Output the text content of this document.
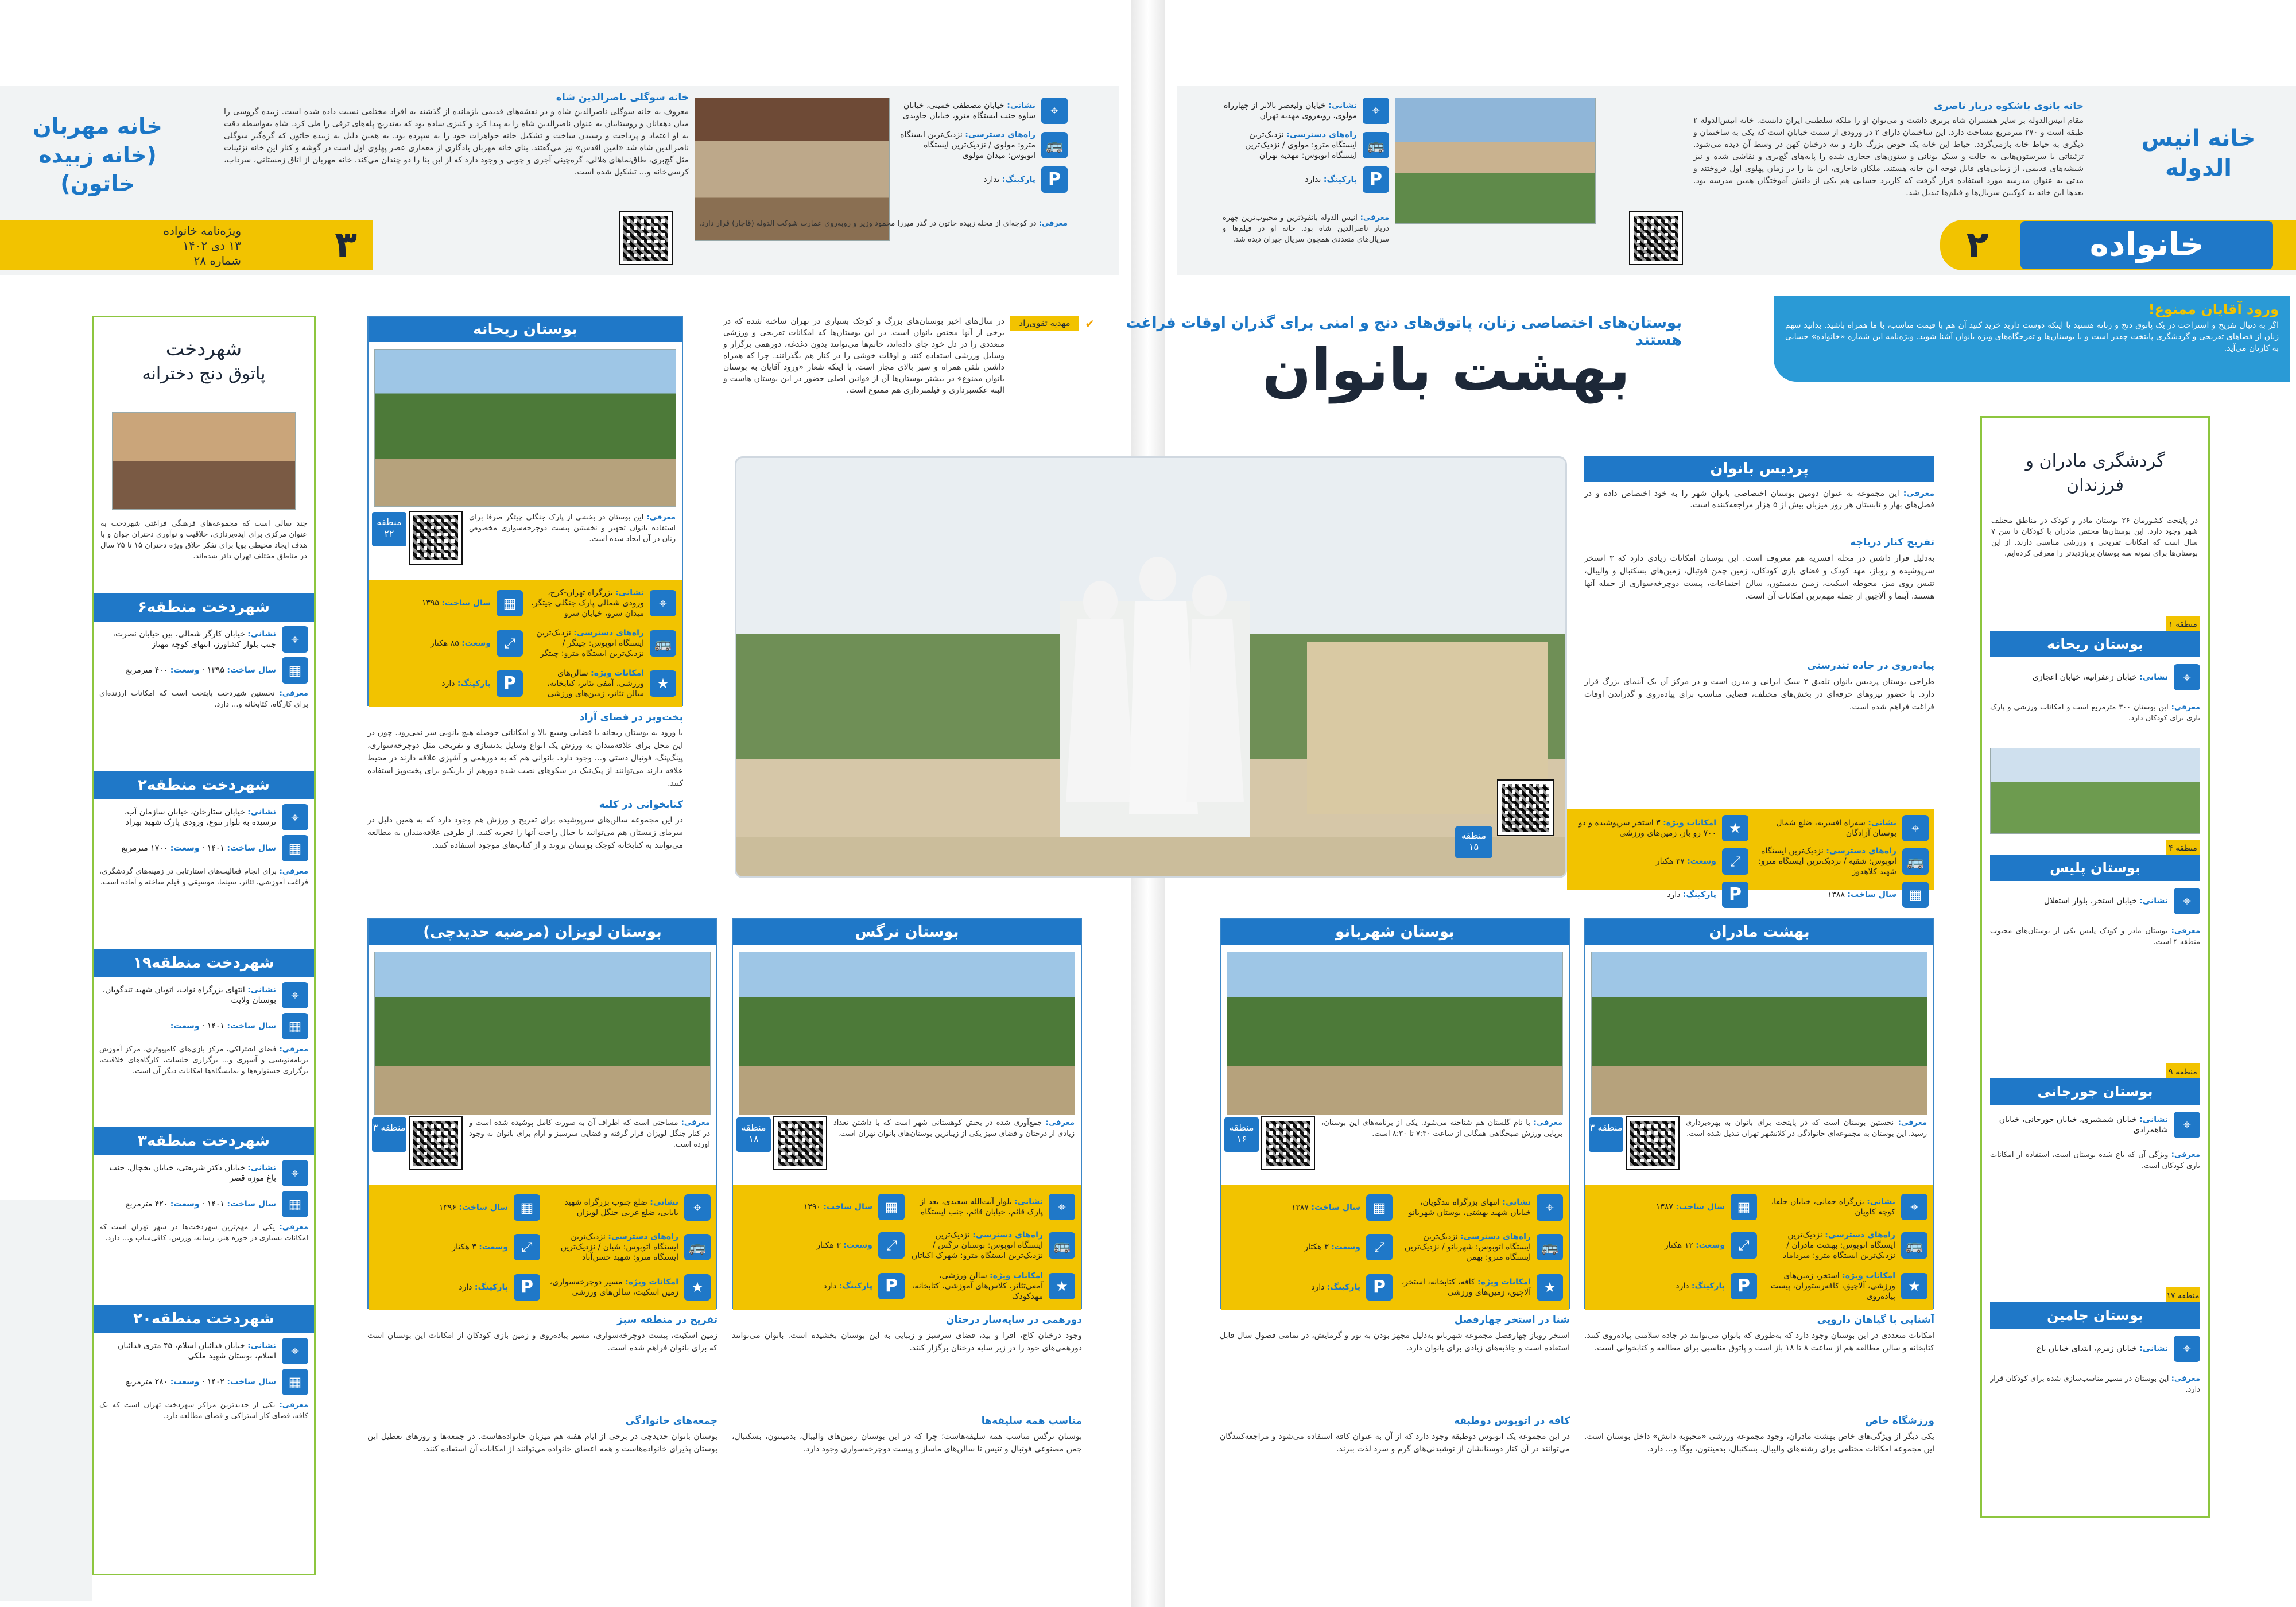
۳
ویژه‌نامه خانواده
۱۳ دی ۱۴۰۲
شماره ۲۸	۲	خانواده
خانه انیس الدوله
خانه بانوی باشکوه دربار ناصری
مقام انیس‌الدوله بر سایر همسران شاه برتری داشت و می‌توان او را ملکه سلطنتی ایران دانست. خانه انیس‌الدوله ۲ طبقه است و ۲۷۰ مترمربع مساحت دارد. این ساختمان دارای ۲ در ورودی از سمت خیابان است که یکی به ساختمان و دیگری به حیاط خانه بازمی‌گردد. حیاط این خانه یک حوض بزرگ دارد و تنه درختان کهن در وسط آن دیده می‌شود. تزئیناتی با سرستون‌هایی به حالت و سبک یونانی و ستون‌های حجاری شده را پایه‌های گچ‌بری و نقاشی شده و نیز شیشه‌های قدیمی، از زیبایی‌های قابل توجه این خانه هستند. ملکان قاجاری، این بنا را در زمان پهلوی اول فروختند و مدتی به عنوان مدرسه مورد استفاده قرار گرفت که کاربرد حسابی هم یکی از دانش آموختگان همین مدرسه بود. بعدها این خانه به کوکبین سریال‌ها و فیلم‌ها تبدیل شد.
⌖
نشانی: خیابان ولیعصر بالاتر از چهارراه مولوی، روبه‌روی مهدیه تهران
🚌
راه‌های دسترسی: نزدیک‌ترین ایستگاه مترو: مولوی / نزدیک‌ترین ایستگاه اتوبوس: مهدیه تهران
P
پارکینگ: ندارد
معرفی: انیس الدوله بانفوذترین و محبوب‌ترین چهره دربار ناصرالدین شاه بود. خانه او در فیلم‌ها و سریال‌های متعددی همچون سریال جیران دیده شد.
خانه مهربان (خانه زبیده خاتون)
خانه سوگلی ناصرالدین شاه
معروف به خانه سوگلی ناصرالدین شاه و در نقشه‌های قدیمی بازمانده از گذشته به افراد مختلفی نسبت داده شده است. زبیده گروسی را میان دهقانان و روستاییان به عنوان ناصرالدین شاه را به پیدا کرد و کنیزی ساده بود که به‌تدریج پله‌های ترقی را طی کرد. شاه به‌واسطه دقت به او اعتماد و پرداخت و رسیدن ساخت و تشکیل خانه جواهرات خود را به سپرده بود. به همین دلیل به زبیده خاتون که گره‌گیر سوگلی ناصرالدین شاه شد «امین اقدس» نیز می‌گفتند. بنای خانه مهربان یادگاری از معماری عصر پهلوی اول است در گوشه و کنار این خانه تزئینات مثل گچ‌بری، طاق‌نماهای هلالی، گره‌چینی آجری و چوبی و وجود دارد که از این بنا را دو چندان می‌کند. خانه مهربان از اتاق زمستانی، سرداب، کرسی‌خانه و... تشکیل شده است.
⌖
نشانی: خیابان مصطفی خمینی، خیابان ساوه جنب ایستگاه مترو، خیابان جاویدی
🚌
راه‌های دسترسی: نزدیک‌ترین ایستگاه مترو: مولوی / نزدیک‌ترین ایستگاه اتوبوس: میدان مولوی
P
پارکینگ: ندارد
معرفی: در کوچه‌ای از محله زبیده خاتون در گذر میرزا محمود وزیر و روبه‌روی عمارت شوکت الدوله (قاجار) قرار دارد.
ورود آقایان ممنوع!
اگر به دنبال تفریح و استراحت در یک پاتوق دنج و زنانه هستید یا اینکه دوست دارید خرید کنید آن هم با قیمت مناسب، با ما همراه باشید. بدانید سهم زنان از فضاهای تفریحی و گردشگری پایتخت چقدر است و با بوستان‌ها و تفرجگاه‌های ویژه بانوان آشنا شوید. ویژه‌نامه این شماره «خانواده» حسابی به کارتان می‌آید.
بوستان‌های اختصاصی زنان، پاتوق‌های دنج و امنی برای گذران اوقات فراغت هستند
بهشت بانوان
مهدیه تقوی‌راد	✔
در سال‌های اخیر بوستان‌های بزرگ و کوچک بسیاری در تهران ساخته شده که در برخی از آنها مختص بانوان است. در این بوستان‌ها که امکانات تفریحی و ورزشی متعددی را در دل خود جای داده‌اند، خانم‌ها می‌توانند بدون دغدغه، دورهمی برگزار و وسایل ورزشی استفاده کنند و اوقات خوشی را در کنار هم بگذرانند. چرا که همراه داشتن تلفن همراه و سیر بالای مجاز است. با اینکه شعار «ورود آقایان به بوستان بانوان ممنوع» در بیشتر بوستان‌ها آن از قوانین اصلی حضور در این بوستان هاست و البته عکسبرداری و فیلمبرداری هم ممنوع است.
شهردخت
پاتوق دنج دخترانه
چند سالی است که مجموعه‌های فرهنگی فراغتی شهردخت به عنوان مرکزی برای ایده‌پردازی، خلاقیت و نوآوری دختران جوان و با هدف ایجاد محیطی پویا برای تفکر خلاق ویژه دختران ۱۵ تا ۲۵ سال در مناطق مختلف تهران دائر شده‌اند.
شهردخت منطقه۶
⌖
نشانی: خیابان کارگر شمالی، بین خیابان نصرت، جنب بلوار کشاورز، انتهای کوچه مهناز
▦
سال ساخت: ۱۳۹۵ · وسعت: ۴۰۰ مترمربع
معرفی: نخستین شهردخت پایتخت است که امکانات ارزنده‌ای برای کارگاه، کتابخانه و... دارد.
شهردخت منطقه۲
⌖
نشانی: خیابان ستارخان، خیابان سازمان آب، نرسیده به بلوار تنوع، ورودی پارک شهید بهزاد
▦
سال ساخت: ۱۴۰۱ · وسعت: ۱۷۰۰ مترمربع
معرفی: برای انجام فعالیت‌های استارتاپی در زمینه‌های گردشگری، فراغت آموزشی، تئاتر، سینما، موسیقی و فیلم ساخته و آماده است.
شهردخت منطقه۱۹
⌖
نشانی: انتهای بزرگراه نواب، اتوبان شهید تندگویان، بوستان ولایت
▦
سال ساخت: ۱۴۰۱ · وسعت:
معرفی: فضای اشتراکی، مرکز بازی‌های کامپیوتری، مرکز آموزش برنامه‌نویسی و آشپزی و... برگزاری جلسات، کارگاه‌های خلاقیت، برگزاری جشنواره‌ها و نمایشگاه‌ها امکانات دیگر آن است.
شهردخت منطقه۳
⌖
نشانی: خیابان دکتر شریعتی، خیابان یخچال، جنب باغ موزه قصر
▦
سال ساخت: ۱۴۰۱ · وسعت: ۴۲۰ مترمربع
معرفی: یکی از مهم‌ترین شهردخت‌ها در شهر تهران است که امکانات بسیاری در حوزه هنر، رسانه، ورزش، کافی‌شاپ و... دارد.
شهردخت منطقه۲۰
⌖
نشانی: خیابان فدائیان اسلام، ۴۵ متری فدائیان اسلام، بوستان شهید ملکی
▦
سال ساخت: ۱۴۰۲ · وسعت: ۲۸۰ مترمربع
معرفی: یکی از جدیدترین مراکز شهردخت تهران است که یک کافه، فضای کار اشتراکی و فضای مطالعه دارد.
گردشگری مادران و فرزندان
در پایتخت کشورمان ۲۶ بوستان مادر و کودک در مناطق مختلف شهر وجود دارد. این بوستان‌ها مختص مادران با کودکان تا سن ۷ سال است که امکانات تفریحی و ورزشی مناسبی دارند. از این بوستان‌ها برای نمونه سه بوستان پربازدیدتر را معرفی کرده‌ایم.
منطقه ۱
بوستان ریحانه
⌖
نشانی: خیابان زعفرانیه، خیابان اعجازی
معرفی: این بوستان ۳۰۰ مترمربع است و امکانات ورزشی و پارک بازی برای کودکان دارد.
منطقه ۴
بوستان پلیس
⌖
نشانی: خیابان استخر، بلوار استقلال
معرفی: بوستان مادر و کودک پلیس یکی از بوستان‌های محبوب منطقه ۴ است.
منطقه ۹
بوستان جورجانی
⌖
نشانی: خیابان شمشیری، خیابان جورجانی، خیابان شاهمرادی
معرفی: ویژگی آن که باغ شده بوستان است، استفاده از امکانات بازی کودکان است.
منطقه ۱۷
بوستان جامین
⌖
نشانی: خیابان زمزم، ابتدای خیابان باغ
معرفی: این بوستان در مسیر مناسب‌سازی شده برای کودکان قرار دارد.
منطقه ۱۵
بوستان ریحانه
منطقه ۲۲
معرفی: این بوستان در بخشی از پارک جنگلی چیتگر صرفا برای استفاده بانوان تجهیز و نخستین پیست دوچرخه‌سواری مخصوص زنان در آن ایجاد شده است.
⌖
نشانی: بزرگراه تهران-کرج، ورودی شمالی پارک جنگلی چیتگر، میدان سرو، خیابان سرو
▦
سال ساخت: ۱۳۹۵
🚌
راه‌های دسترسی: نزدیک‌ترین ایستگاه اتوبوس: چیتگر / نزدیک‌ترین ایستگاه مترو: چیتگر
⤢
وسعت: ۸۵ هکتار
★
امکانات ویژه: سالن‌های ورزشی، آمفی تئاتر، کتابخانه، سالن تئاتر، زمین‌های ورزشی
P
پارکینگ: دارد
بهشت مادران
منطقه ۳	معرفی: نخستین بوستان است که در پایتخت برای بانوان به بهره‌برداری رسید. این بوستان به مجموعه‌ای خانوادگی در کلانشهر تهران تبدیل شده است.
⌖
نشانی: بزرگراه حقانی، خیابان جلفا، کوچه کاویان
▦
سال ساخت: ۱۳۸۷
🚌
راه‌های دسترسی: نزدیک‌ترین ایستگاه اتوبوس: بهشت مادران / نزدیک‌ترین ایستگاه مترو: میرداماد
⤢
وسعت: ۱۲ هکتار
★
امکانات ویژه: استخر، زمین‌های ورزشی، آلاچیق، کافه‌رستوران، پیست پیاده‌روی
P
پارکینگ: دارد
بوستان شهربانو
منطقه ۱۶
معرفی: با نام گلستان هم شناخته می‌شود. یکی از برنامه‌های این بوستان، برپایی ورزش صبحگاهی همگانی از ساعت ۷:۳۰ تا ۸:۳۰ است.
⌖
نشانی: انتهای بزرگراه تندگویان، خیابان شهید بهشتی، بوستان شهربانو
▦
سال ساخت: ۱۳۸۷
🚌
راه‌های دسترسی: نزدیک‌ترین ایستگاه اتوبوس: شهربانو / نزدیک‌ترین ایستگاه مترو: بهمن
⤢
وسعت: ۳ هکتار
★
امکانات ویژه: کافه، کتابخانه، استخر، آلاچیق، زمین‌های ورزشی
P
پارکینگ: دارد
بوستان نرگس
منطقه ۱۸
معرفی: جمع‌آوری شده در بخش کوهستانی شهر است که با داشتن تعداد زیادی از درختان و فضای سبز یکی از زیباترین بوستان‌های بانوان تهران است.
⌖
نشانی: بلوار آیت‌الله سعیدی، بعد از پارک قائم، خیابان قائم، جنب ایستگاه
▦
سال ساخت: ۱۳۹۰
🚌
راه‌های دسترسی: نزدیک‌ترین ایستگاه اتوبوس: بوستان نرگس / نزدیک‌ترین ایستگاه مترو: شهرک اکباتان
⤢
وسعت: ۳ هکتار
★
امکانات ویژه: سالن ورزشی، آمفی‌تئاتر، کلاس‌های آموزشی، کتابخانه، مهدکودک
P
پارکینگ: دارد
بوستان لویزان (مرضیه حدیدچی)
منطقه ۳	معرفی: مساحتی است که اطراف آن به صورت کامل پوشیده شده است و در کنار جنگل لویزان قرار گرفته و فضایی سرسبز و آرام برای بانوان به وجود آورده است.
⌖
نشانی: ضلع جنوب بزرگراه شهید بابایی، ضلع غربی جنگل لویزان
▦
سال ساخت: ۱۳۹۶
🚌
راه‌های دسترسی: نزدیک‌ترین ایستگاه اتوبوس: شیان / نزدیک‌ترین ایستگاه مترو: شهید حسن‌آباد
⤢
وسعت: ۳ هکتار
★
امکانات ویژه: مسیر دوچرخه‌سواری، زمین اسکیت، سالن‌های ورزشی
P
پارکینگ: دارد
پردیس بانوان
معرفی: این مجموعه به عنوان دومین بوستان اختصاصی بانوان شهر را به خود اختصاص داده و در فصل‌های بهار و تابستان هر روز میزبان بیش از ۵ هزار مراجعه‌کننده است.
تفریح کنار دریاچه
به‌دلیل قرار داشتن در محله افسریه هم معروف است. این بوستان امکانات زیادی دارد که ۳ استخر سرپوشیده و روباز، مهد کودک و فضای بازی کودکان، زمین چمن فوتبال، زمین‌های بسکتبال و والیبال، تنیس روی میز، محوطه اسکیت، زمین بدمینتون، سالن اجتماعات، پیست دوچرخه‌سواری از جمله آنها هستند. آبنما و آلاچیق از جمله مهم‌ترین امکانات آن است.
پیاده‌روی در جاده تندرستی
طراحی بوستان پردیس بانوان تلفیق ۳ سبک ایرانی و مدرن است و در مرکز آن یک آبنمای بزرگ قرار دارد. با حضور نیروهای حرفه‌ای در بخش‌های مختلف، فضایی مناسب برای پیاده‌روی و گذراندن اوقات فراغت فراهم شده است.
⌖
نشانی: سه‌راه افسریه، ضلع شمال بوستان آزادگان
★
امکانات ویژه: ۳ استخر سرپوشیده و دو ۷۰۰ رو باز، زمین‌های ورزشی
🚌
راه‌های دسترسی: نزدیک‌ترین ایستگاه اتوبوس: شقیه / نزدیک‌ترین ایستگاه مترو: شهید کلاهدوز
⤢
وسعت: ۳۷ هکتار
▦
سال ساخت: ۱۳۸۸
P
پارکینگ: دارد
پخت‌وپز در فضای آزاد
با ورود به بوستان ریحانه با فضایی وسیع بالا و امکاناتی حوصله هیچ بانویی سر نمی‌رود. چون در این محل برای علاقه‌مندان به ورزش یک انواع وسایل بدنسازی و تفریحی مثل دوچرخه‌سواری، پینگ‌پنگ، فوتبال دستی و... وجود دارد. بانوانی هم که به دورهمی و آشپزی علاقه دارند در محیط علاقه دارند می‌توانند از پیک‌نیک در سکوهای نصب شده دورهم از باربکیو برای پخت‌وپز استفاده کنند.
کتابخوانی در کلبه
در این مجموعه سالن‌های سرپوشیده برای تفریح و ورزش هم وجود دارد که به همین دلیل در سرمای زمستان هم می‌توانید با خیال راحت آنها را تجربه کنید. از طرفی علاقه‌مندان به مطالعه می‌توانند به کتابخانه کوچک بوستان بروند و از کتاب‌های موجود استفاده کنند.
آشنایی با گیاهان دارویی
امکانات متعددی در این بوستان وجود دارد که به‌طوری که بانوان می‌توانند در جاده سلامتی پیاده‌روی کنند. کتابخانه و سالن مطالعه هم از ساعت ۸ تا ۱۸ باز است و پاتوق مناسبی برای مطالعه و کتابخوانی است.
ورزشگاه خاص
یکی دیگر از ویژگی‌های خاص بهشت مادران، وجود مجموعه ورزشی «محبوبه دانش» داخل بوستان است. این مجموعه امکانات مختلفی برای رشته‌های والیبال، بسکتبال، بدمینتون، یوگا و... دارد.
شنا در استخر چهارفصل
استخر روباز چهارفصل مجموعه شهربانو به‌دلیل مجهز بودن به نور و گرمایش، در تمامی فصول سال قابل استفاده است و جاذبه‌های زیادی برای بانوان دارد.
کافه در اتوبوس دوطبقه
در این مجموعه یک اتوبوس دوطبقه وجود دارد که از آن به عنوان کافه استفاده می‌شود و مراجعه‌کنندگان می‌توانند در آن کنار دوستانشان از نوشیدنی‌های گرم و سرد لذت ببرند.
دورهمی در سایه‌سار درختان
وجود درختان کاج، افرا و بید، فضای سرسبز و زیبایی به این بوستان بخشیده است. بانوان می‌توانند دورهمی‌های خود را در زیر سایه درختان برگزار کنند.
مناسب همه سلیقه‌ها
بوستان نرگس مناسب همه سلیقه‌هاست؛ چرا که در این بوستان زمین‌های والیبال، بدمینتون، بسکتبال، چمن مصنوعی فوتبال و تنیس تا سالن‌های ماساژ و پیست دوچرخه‌سواری وجود دارد.
تفریح در منطقه سبز
زمین اسکیت، پیست دوچرخه‌سواری، مسیر پیاده‌روی و زمین بازی کودکان از امکانات این بوستان است که برای بانوان فراهم شده است.
جمعه‌های خانوادگی
بوستان بانوان حدیدچی در برخی از ایام هفته هم میزبان خانواده‌هاست. در جمعه‌ها و روزهای تعطیل این بوستان پذیرای خانواده‌هاست و همه اعضای خانواده می‌توانند از امکانات آن استفاده کنند.
